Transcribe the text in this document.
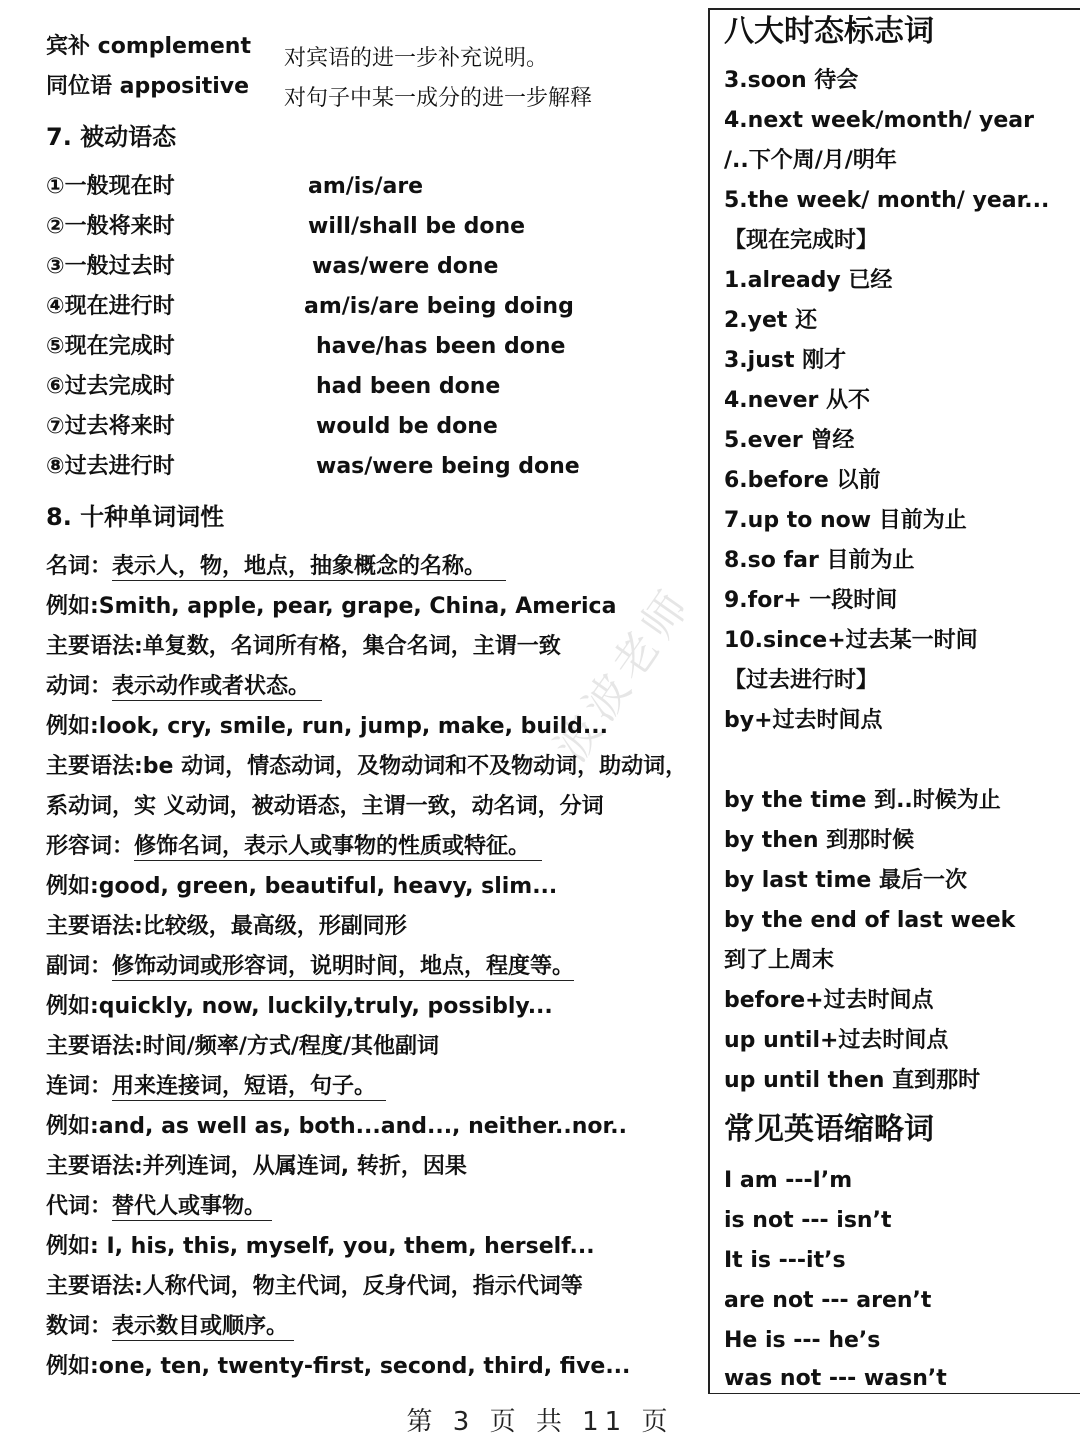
波波老师
宾补 complement 对宾语的进一步补充说明。
同位语 appositive 对句子中某一成分的进一步解释
7. 被动语态
①一般现在时	am/is/are
②一般将来时	will/shall be done
③一般过去时	was/were done
④现在进行时	am/is/are being doing
⑤现在完成时	have/has been done
⑥过去完成时	had been done
⑦过去将来时	would be done
⑧过去进行时	was/were being done
8. 十种单词词性
名词：表示人，物，地点，抽象概念的名称。
例如:Smith, apple, pear, grape, China, America
主要语法:单复数，名词所有格，集合名词，主谓一致
动词：表示动作或者状态。
例如:look, cry, smile, run, jump, make, build...
主要语法:be 动词，情态动词，及物动词和不及物动词，助动词，
系动词，实 义动词，被动语态，主谓一致，动名词，分词
形容词：修饰名词，表示人或事物的性质或特征。
例如:good, green, beautiful, heavy, slim...
主要语法:比较级，最高级，形副同形
副词：修饰动词或形容词，说明时间，地点，程度等。
例如:quickly, now, luckily,truly, possibly...
主要语法:时间/频率/方式/程度/其他副词
连词：用来连接词，短语，句子。
例如:and, as well as, both...and..., neither..nor..
主要语法:并列连词，从属连词, 转折，因果
代词：替代人或事物。
例如: I, his, this, myself, you, them, herself...
主要语法:人称代词，物主代词，反身代词，指示代词等
数词：表示数目或顺序。
例如:one, ten, twenty-first, second, third, five...
八大时态标志词
3.soon 待会
4.next week/month/ year
/..下个周/月/明年
5.the week/ month/ year...
【现在完成时】
1.already 已经
2.yet 还
3.just 刚才
4.never 从不
5.ever 曾经
6.before 以前
7.up to now 目前为止
8.so far 目前为止
9.for+ 一段时间
10.since+过去某一时间
【过去进行时】
by+过去时间点
by the time 到..时候为止
by then 到那时候
by last time 最后一次
by the end of last week
到了上周末
before+过去时间点
up until+过去时间点
up until then 直到那时
常见英语缩略词
I am ---I’m
is not --- isn’t
It is ---it’s
are not --- aren’t
He is --- he’s
was not --- wasn’t
第 3 页 共 11 页
